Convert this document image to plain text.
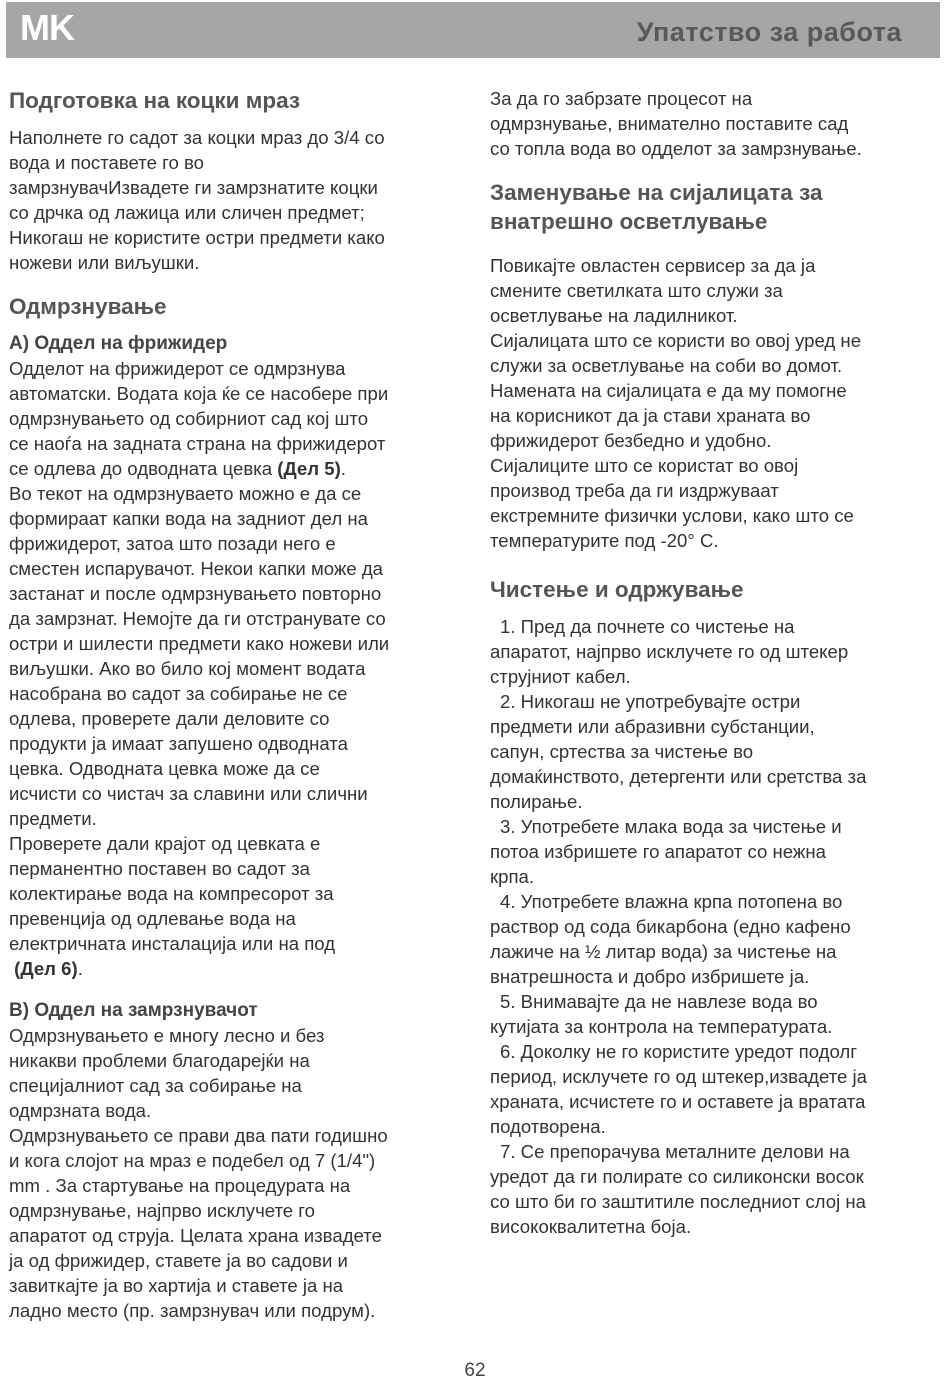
MK	Упатство за работа
Подготовка на коцки мраз

Наполнете го садот за коцки мраз до 3/4 со

вода и поставете го во

замрзнувачИзвадете ги замрзнатите коцки

со дрчка од лажица или сличен предмет;

Никогаш не користите остри предмети како

ножеви или виљушки.

Одмрзнување
А) Оддел на фрижидер

Одделот на фрижидерот се одмрзнува

автоматски. Водата која ќе се насобере при

одмрзнувањето од собирниот сад кој што

се наоѓа на задната страна на фрижидерот

се одлева до одводната цевка (Дел 5).

Во текот на одмрзнуваето можно е да се

формираат капки вода на задниот дел на

фрижидерот, затоа што позади него е

сместен испарувачот. Некои капки може да

застанат и после одмрзнувањето повторно

да замрзнат. Немојте да ги отстранувате со

остри и шилести предмети како ножеви или

виљушки. Ако во било кој момент водата

насобрана во садот за собирање не се

одлева, проверете дали деловите со

продукти ја имаат запушено одводната

цевка. Одводната цевка може да се

исчисти со чистач за славини или слични

предмети.

Проверете дали крајот од цевката е

перманентно поставен во садот за

колектирање вода на компресорот за

превенција од одлевање вода на

електричната инсталација или на под

(Дел 6).

В) Оддел на замрзнувачот

Одмрзнувањето е многу лесно и без

никакви проблеми благодарејќи на

специјалниот сад за собирање на

одмрзната вода.

Одмрзнувањето се прави два пати годишно

и кога слојот на мраз е подебел од 7 (1/4")

mm . За стартување на процедурата на

одмрзнување, најпрво исклучете го

апаратот од струја. Целата храна извадете

ја од фрижидер, ставете ја во садови и

завиткајте ја во хартија и ставете ја на

ладно место (пр. замрзнувач или подрум).

За да го забрзате процесот на

одмрзнување, внимателно поставите сад

со топла вода во одделот за замрзнување.

Заменување на сијалицата за
внатрешно осветлување

Повикајте овластен сервисер за да ја

смените светилката што служи за

осветлување на ладилникот.

Сијалицата што се користи во овој уред не

служи за осветлување на соби во домот.

Намената на сијалицата е да му помогне

на корисникот да ја стави храната во

фрижидерот безбедно и удобно.

Сијалиците што се користат во овој

производ треба да ги издржуваат

екстремните физички услови, како што се

температурите под -20° C.

Чистење и одржување

1. Пред да почнете со чистење на

апаратот, најпрво исклучете го од штекер

струјниот кабел.

2. Никогаш не употребувајте остри

предмети или абразивни субстанции,

сапун, сртества за чистење во

домаќинството, детергенти или сретства за

полирање.

3. Употребете млака вода за чистење и

потоа избришете го апаратот со нежна

крпа.

4. Употребете влажна крпа потопена во

раствор од сода бикарбона (едно кафено

лажиче на ½ литар вода) за чистење на

внатрешноста и добро избришете ја.

5. Внимавајте да не навлезе вода во

кутијата за контрола на температурата.

6. Доколку не го користите уредот подолг

период, исклучете го од штекер,извадете ја

храната, исчистете го и оставете ја вратата

подотворена.

7. Се препорачува металните делови на

уредот да ги полирате со силиконски восок

со што би го заштитиле последниот слој на

висококвалитетна боја.

62
